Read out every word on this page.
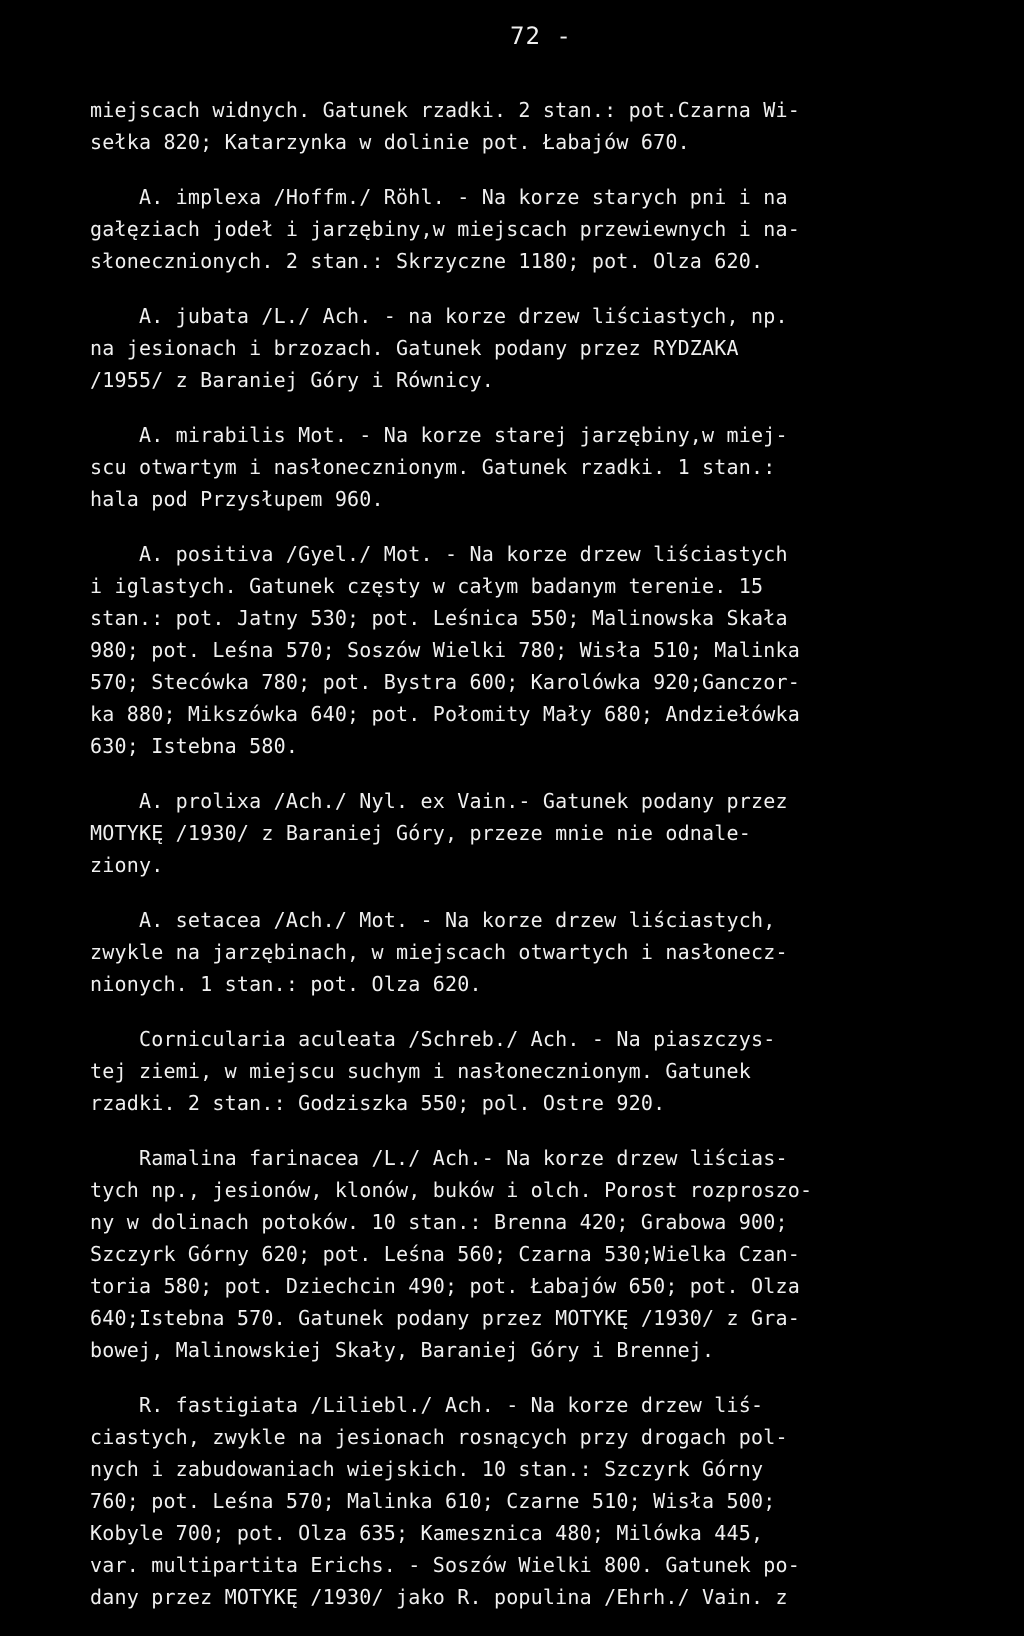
72 -
miejscach widnych. Gatunek rzadki. 2 stan.: pot.Czarna Wi-
sełka 820; Katarzynka w dolinie pot. Łabajów 670.
A. implexa /Hoffm./ Röhl. - Na korze starych pni i na
gałęziach jodeł i jarzębiny,w miejscach przewiewnych i na-
słonecznionych. 2 stan.: Skrzyczne 1180; pot. Olza 620.
A. jubata /L./ Ach. - na korze drzew liściastych, np.
na jesionach i brzozach. Gatunek podany przez RYDZAKA
/1955/ z Baraniej Góry i Równicy.
A. mirabilis Mot. - Na korze starej jarzębiny,w miej-
scu otwartym i nasłonecznionym. Gatunek rzadki. 1 stan.:
hala pod Przysłupem 960.
A. positiva /Gyel./ Mot. - Na korze drzew liściastych
i iglastych. Gatunek częsty w całym badanym terenie. 15
stan.: pot. Jatny 530; pot. Leśnica 550; Malinowska Skała
980; pot. Leśna 570; Soszów Wielki 780; Wisła 510; Malinka
570; Stecówka 780; pot. Bystra 600; Karolówka 920;Ganczor-
ka 880; Mikszówka 640; pot. Połomity Mały 680; Andziełówka
630; Istebna 580.
A. prolixa /Ach./ Nyl. ex Vain.- Gatunek podany przez
MOTYKĘ /1930/ z Baraniej Góry, przeze mnie nie odnale-
ziony.
A. setacea /Ach./ Mot. - Na korze drzew liściastych,
zwykle na jarzębinach, w miejscach otwartych i nasłonecz-
nionych. 1 stan.: pot. Olza 620.
Cornicularia aculeata /Schreb./ Ach. - Na piaszczys-
tej ziemi, w miejscu suchym i nasłonecznionym. Gatunek
rzadki. 2 stan.: Godziszka 550; pol. Ostre 920.
Ramalina farinacea /L./ Ach.- Na korze drzew liścias-
tych np., jesionów, klonów, buków i olch. Porost rozproszo-
ny w dolinach potoków. 10 stan.: Brenna 420; Grabowa 900;
Szczyrk Górny 620; pot. Leśna 560; Czarna 530;Wielka Czan-
toria 580; pot. Dziechcin 490; pot. Łabajów 650; pot. Olza
640;Istebna 570. Gatunek podany przez MOTYKĘ /1930/ z Gra-
bowej, Malinowskiej Skały, Baraniej Góry i Brennej.
R. fastigiata /Liliebl./ Ach. - Na korze drzew liś-
ciastych, zwykle na jesionach rosnących przy drogach pol-
nych i zabudowaniach wiejskich. 10 stan.: Szczyrk Górny
760; pot. Leśna 570; Malinka 610; Czarne 510; Wisła 500;
Kobyle 700; pot. Olza 635; Kamesznica 480; Milówka 445,
var. multipartita Erichs. - Soszów Wielki 800. Gatunek po-
dany przez MOTYKĘ /1930/ jako R. populina /Ehrh./ Vain. z
